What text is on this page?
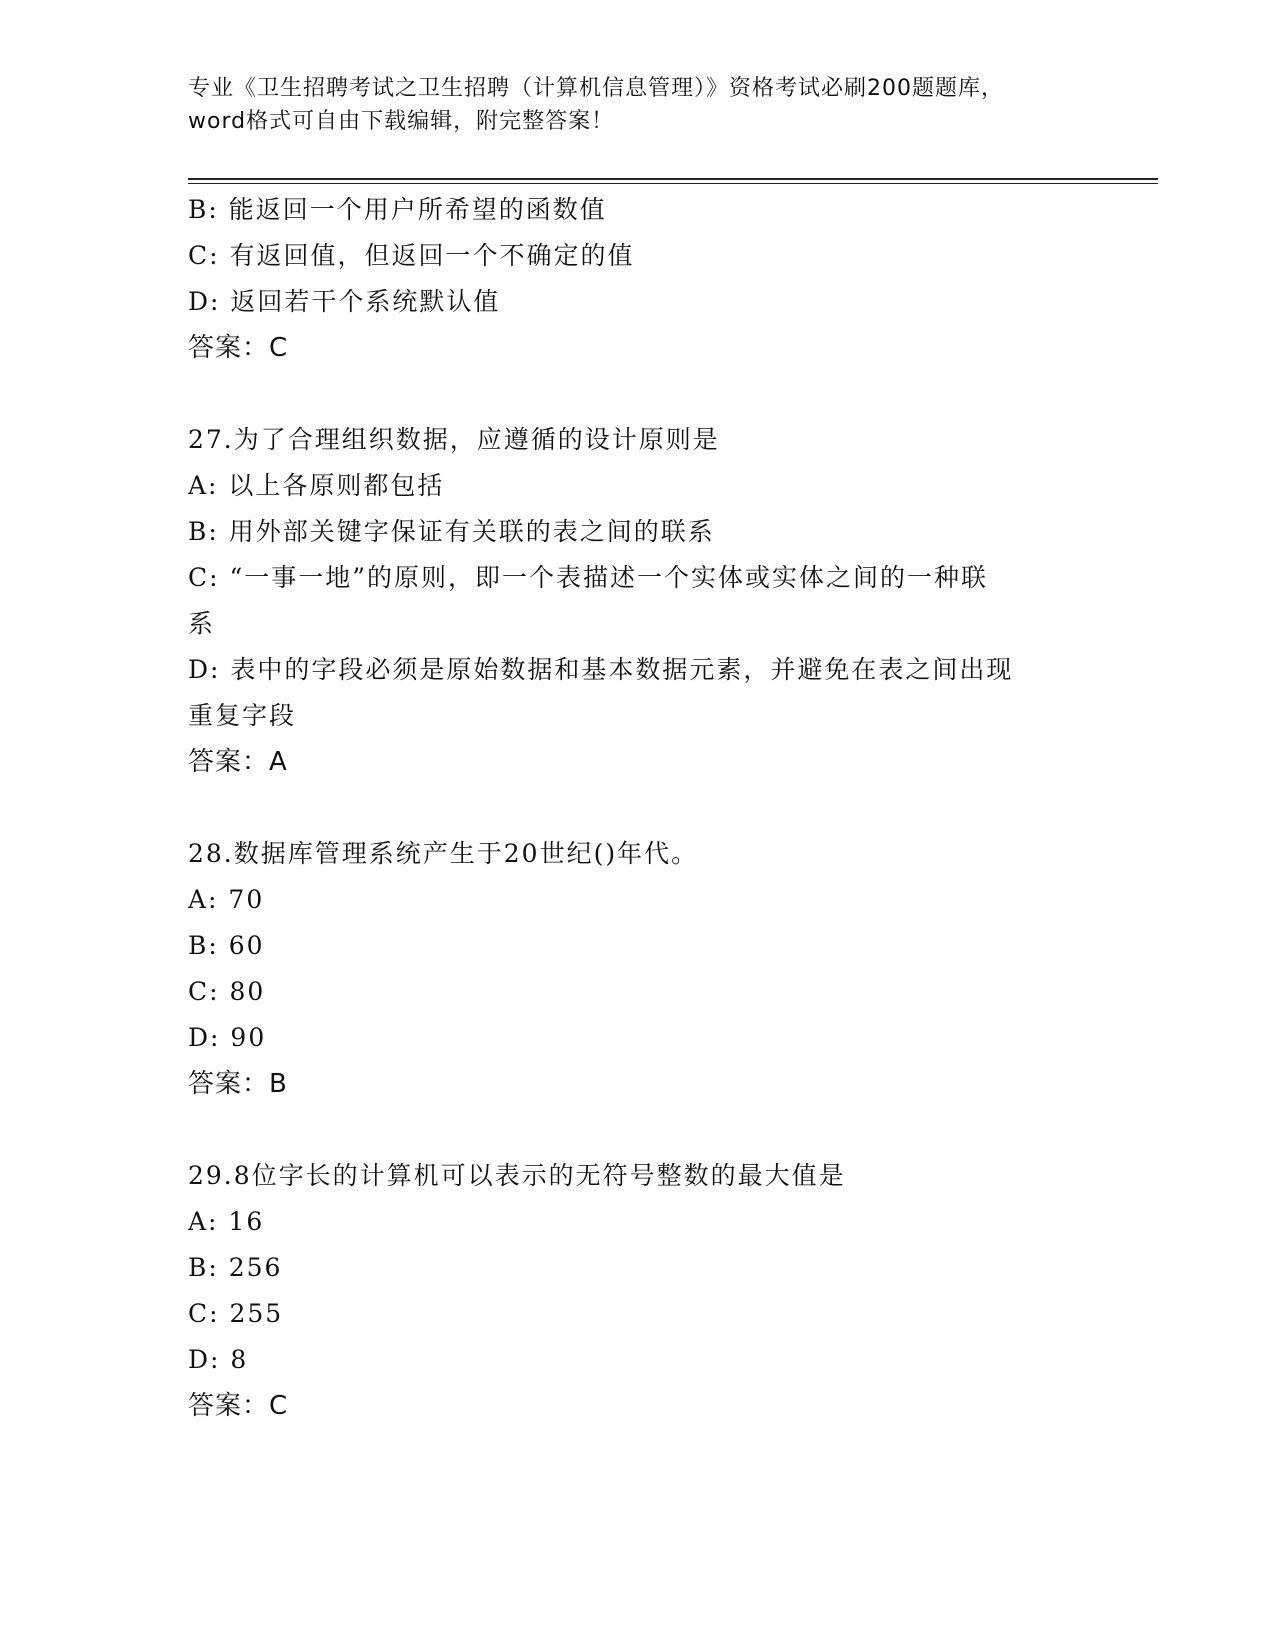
专业《卫生招聘考试之卫生招聘（计算机信息管理）》资格考试必刷200题题库，
word格式可自由下载编辑，附完整答案！
B: 能返回一个用户所希望的函数值
C: 有返回值，但返回一个不确定的值
D: 返回若干个系统默认值
答案：C
27.为了合理组织数据，应遵循的设计原则是
A: 以上各原则都包括
B: 用外部关键字保证有关联的表之间的联系
C: “一事一地”的原则，即一个表描述一个实体或实体之间的一种联
系
D: 表中的字段必须是原始数据和基本数据元素，并避免在表之间出现
重复字段
答案：A
28.数据库管理系统产生于20世纪()年代。
A: 70
B: 60
C: 80
D: 90
答案：B
29.8位字长的计算机可以表示的无符号整数的最大值是
A: 16
B: 256
C: 255
D: 8
答案：C
